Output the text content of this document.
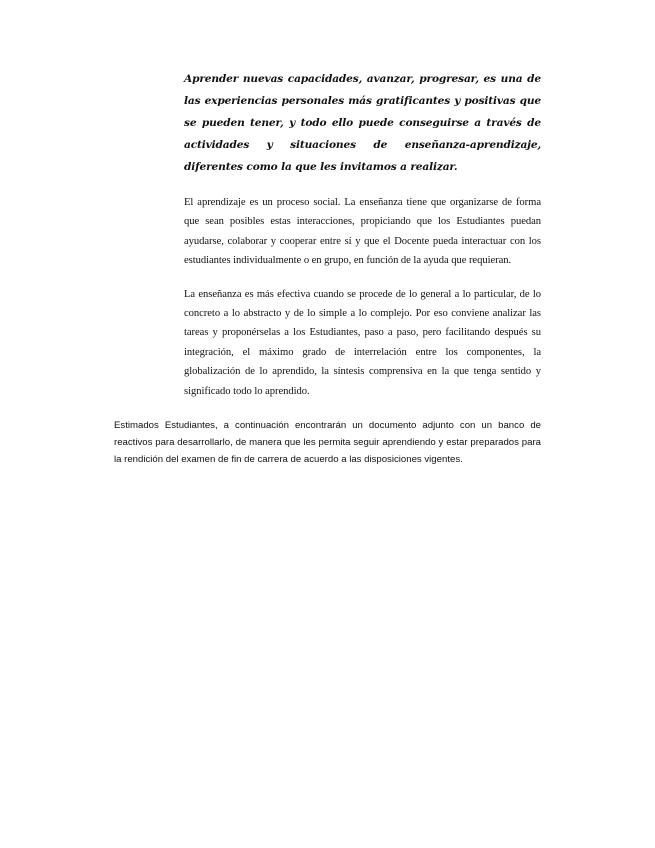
Aprender nuevas capacidades, avanzar, progresar, es una de las experiencias personales más gratificantes y positivas que se pueden tener, y todo ello puede conseguirse a través de actividades y situaciones de enseñanza-aprendizaje, diferentes como la que les invitamos a realizar.

El aprendizaje es un proceso social. La enseñanza tiene que organizarse de forma que sean posibles estas interacciones, propiciando que los Estudiantes puedan ayudarse, colaborar y cooperar entre sí y que el Docente pueda interactuar con los estudiantes individualmente o en grupo, en función de la ayuda que requieran.

La enseñanza es más efectiva cuando se procede de lo general a lo particular, de lo concreto a lo abstracto y de lo simple a lo complejo. Por eso conviene analizar las tareas y proponérselas a los Estudiantes, paso a paso, pero facilitando después su integración, el máximo grado de interrelación entre los componentes, la globalización de lo aprendido, la síntesis comprensiva en la que tenga sentido y significado todo lo aprendido.

Estimados Estudiantes, a continuación encontrarán un documento adjunto con un banco de reactivos para desarrollarlo, de manera que les permita seguir aprendiendo y estar preparados para la rendición del examen de fin de carrera de acuerdo a las disposiciones vigentes.
